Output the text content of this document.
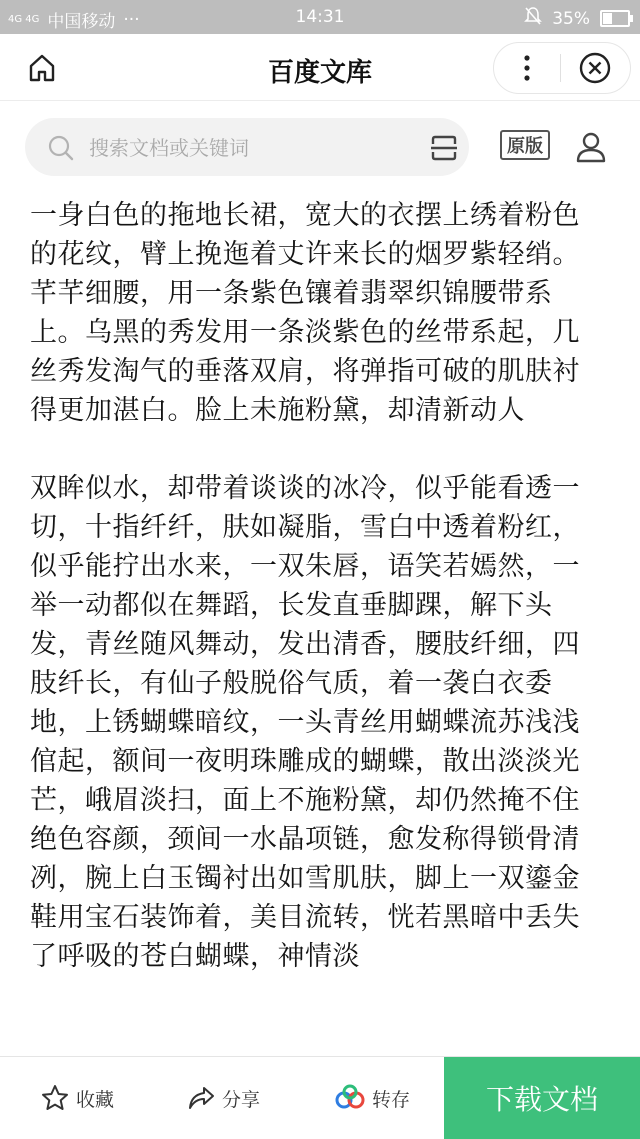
4G 4G 中国移动 ···	14:31	35%
百度文库
搜索文档或关键词
原版

一身白色的拖地长裙，宽大的衣摆上绣着粉色的花纹，臂上挽迤着丈许来长的烟罗紫轻绡。芊芊细腰，用一条紫色镶着翡翠织锦腰带系上。乌黑的秀发用一条淡紫色的丝带系起，几丝秀发淘气的垂落双肩，将弹指可破的肌肤衬得更加湛白。脸上未施粉黛，却清新动人

双眸似水，却带着谈谈的冰冷，似乎能看透一切，十指纤纤，肤如凝脂，雪白中透着粉红，似乎能拧出水来，一双朱唇，语笑若嫣然，一举一动都似在舞蹈，长发直垂脚踝，解下头发，青丝随风舞动，发出清香，腰肢纤细，四肢纤长，有仙子般脱俗气质，着一袭白衣委地，上锈蝴蝶暗纹，一头青丝用蝴蝶流苏浅浅倌起，额间一夜明珠雕成的蝴蝶，散出淡淡光芒，峨眉淡扫，面上不施粉黛，却仍然掩不住绝色容颜，颈间一水晶项链，愈发称得锁骨清冽，腕上白玉镯衬出如雪肌肤，脚上一双鎏金鞋用宝石装饰着，美目流转，恍若黑暗中丢失了呼吸的苍白蝴蝶，神情淡

收藏	分享	转存	下载文档
